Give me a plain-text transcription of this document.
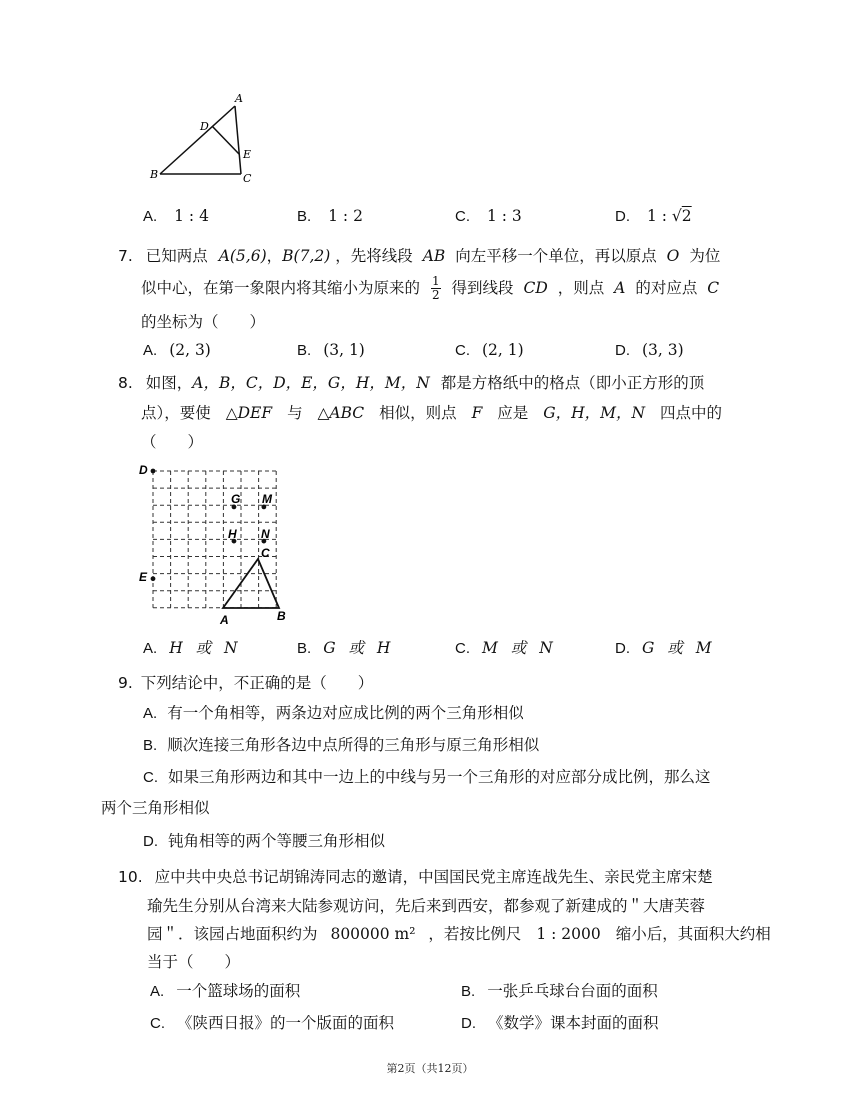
A
B	C
D
E
A. 1 : 4	B. 1 : 2	C. 1 : 3	D. 1 : √2
7. 已知两点 A(5,6)，B(7,2) ，先将线段 AB 向左平移一个单位，再以原点 O 为位
似中心，在第一象限内将其缩小为原来的 $\frac{1}{2}$ 得到线段 CD ，则点 A 的对应点 C
的坐标为（　　）
A. (2, 3)	B. (3, 1)	C. (2, 1)	D. (3, 3)
8. 如图，A，B，C，D，E，G，H，M，N 都是方格纸中的格点（即小正方形的顶
点），要使 △DEF 与 △ABC 相似，则点 F 应是 G，H，M，N 四点中的
（　　）
D
E
G M
H N
C
A	B
A. H 或 N	B. G 或 H	C. M 或 N	D. G 或 M
9. 下列结论中，不正确的是（　　）
A. 有一个角相等，两条边对应成比例的两个三角形相似
B. 顺次连接三角形各边中点所得的三角形与原三角形相似
C. 如果三角形两边和其中一边上的中线与另一个三角形的对应部分成比例，那么这
两个三角形相似
D. 钝角相等的两个等腰三角形相似
10. 应中共中央总书记胡锦涛同志的邀请，中国国民党主席连战先生、亲民党主席宋楚
瑜先生分别从台湾来大陆参观访问，先后来到西安，都参观了新建成的＂大唐芙蓉
园＂．该园占地面积约为 800000 m² ，若按比例尺 1 : 2000 缩小后，其面积大约相
当于（　　）
A. 一个篮球场的面积	B. 一张乒乓球台台面的面积
C. 《陕西日报》的一个版面的面积	D. 《数学》课本封面的面积
第2页（共12页）
